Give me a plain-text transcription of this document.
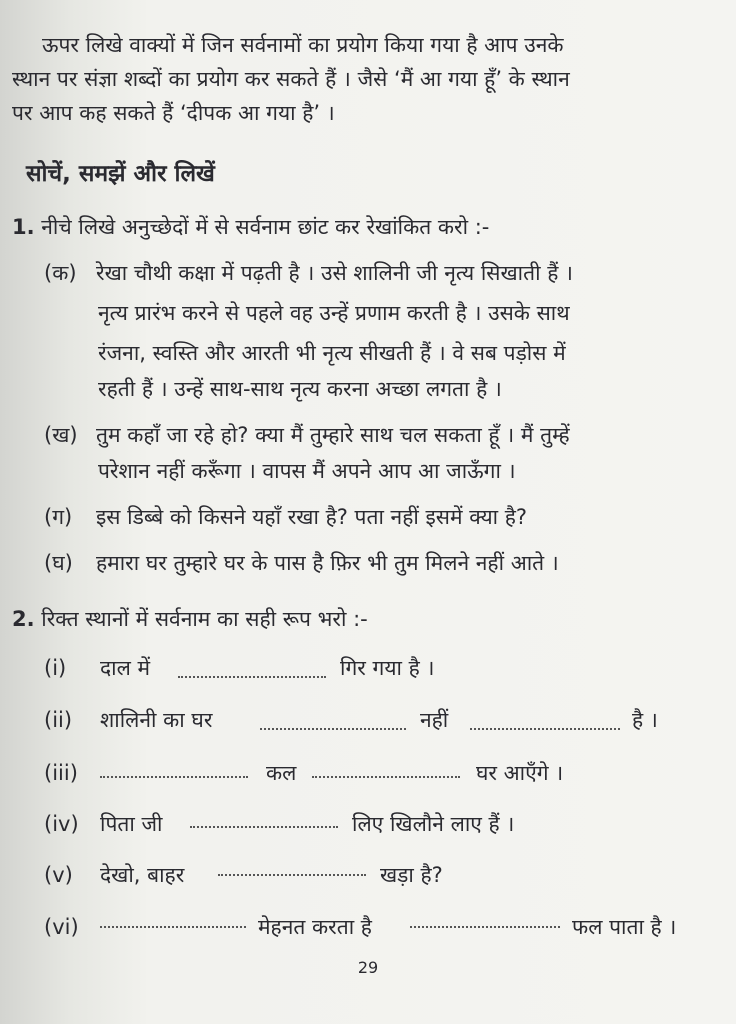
ऊपर लिखे वाक्यों में जिन सर्वनामों का प्रयोग किया गया है आप उनके
स्थान पर संज्ञा शब्दों का प्रयोग कर सकते हैं । जैसे ‘मैं आ गया हूँ’ के स्थान
पर आप कह सकते हैं ‘दीपक आ गया है’ ।
सोचें, समझें और लिखें
1. नीचे लिखे अनुच्छेदों में से सर्वनाम छांट कर रेखांकित करो :-
(क) रेखा चौथी कक्षा में पढ़ती है । उसे शालिनी जी नृत्य सिखाती हैं ।
नृत्य प्रारंभ करने से पहले वह उन्हें प्रणाम करती है । उसके साथ
रंजना, स्वस्ति और आरती भी नृत्य सीखती हैं । वे सब पड़ोस में
रहती हैं । उन्हें साथ-साथ नृत्य करना अच्छा लगता है ।
(ख) तुम कहाँ जा रहे हो? क्या मैं तुम्हारे साथ चल सकता हूँ । मैं तुम्हें
परेशान नहीं करूँगा । वापस मैं अपने आप आ जाऊँगा ।
(ग) इस डिब्बे को किसने यहाँ रखा है? पता नहीं इसमें क्या है?
(घ) हमारा घर तुम्हारे घर के पास है फ़िर भी तुम मिलने नहीं आते ।
2. रिक्त स्थानों में सर्वनाम का सही रूप भरो :-
(i) दाल में	गिर गया है ।
(ii) शालिनी का घर	नहीं	है ।
(iii)	कल	घर आएँगे ।
(iv) पिता जी	लिए खिलौने लाए हैं ।
(v) देखो, बाहर	खड़ा है?
(vi)	मेहनत करता है	फल पाता है ।
29
